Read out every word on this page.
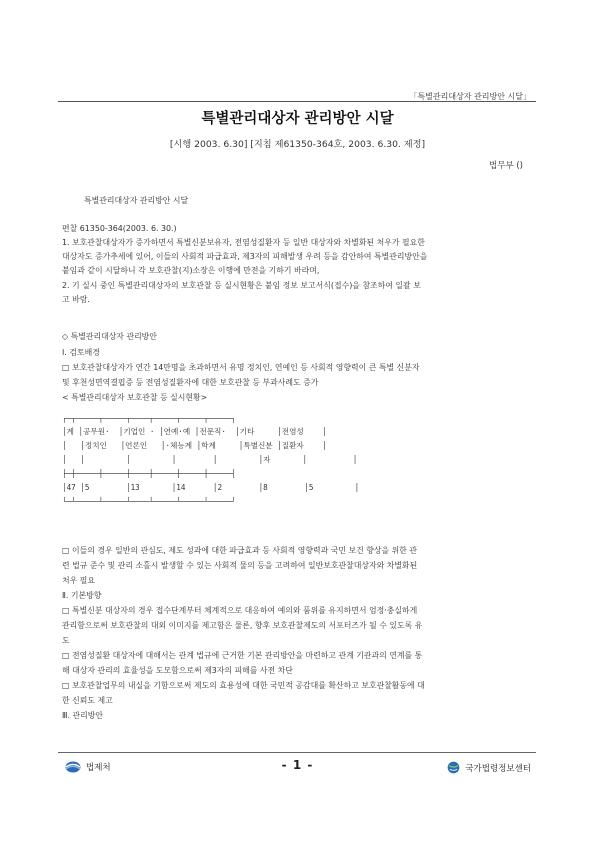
「특별관리대상자 관리방안 시달」
특별관리대상자 관리방안 시달
[시행 2003. 6.30] [지침 제61350-364호, 2003. 6.30. 제정]
법무부 ()
특별관리대상자 관리방안 시달
편찰 61350-364(2003. 6. 30.)
1. 보호관찰대상자가 증가하면서 특별신분보유자, 전염성질환자 등 일반 대상자와 차별화된 처우가 필요한
대상자도 증가추세에 있어, 이들의 사회적 파급효과, 제3자의 피해발생 우려 등을 감안하여 특별관리방안을
붙임과 같이 시달하니 각 보호관찰(지)소장은 이행에 만전을 기하기 바라며,
2. 기 실시 중인 특별관리대상자의 보호관찰 등 실시현황은 붙임 정보 보고서식(접수)을 참조하여 일괄 보
고 바람.
◇ 특별관리대상자 관리방안
Ⅰ. 검토배경
□ 보호관찰대상자가 연간 14만명을 초과하면서 유명 정치인, 연예인 등 사회적 영향력이 큰 특별 신분자
및 후천성면역결핍증 등 전염성질환자에 대한 보호관찰 등 부과사례도 증가
< 특별관리대상자 보호관찰 등 실시현황>
┌─┬─────┬─────┬────┬─────┬─────┬─────┐
│계 │공무원·  │기업인 · │연예·예 │전문직·  │기타     │전염성    │
│   │정치인   │언론인   │·체능계 │학계     │특별신분 │질환자    │
│   │         │         │        │         │자       │          │
├─┼─────┼─────┼────┼─────┼─────┼─────┤
│47 │5        │13       │14      │2        │8        │5         │
└─┴─────┴─────┴────┴─────┴─────┴─────┘
□ 이들의 경우 일반의 관심도, 제도 성과에 대한 파급효과 등 사회적 영향력과 국민 보건 향상을 위한 관
련 법규 준수 및 관리 소홀시 발생할 수 있는 사회적 물의 등을 고려하여 일반보호관찰대상자와 차별화된
처우 필요
Ⅱ. 기본방향
□ 특별신분 대상자의 경우 접수단계부터 체계적으로 대응하여 예의와 품위를 유지하면서 엄정·충실하게
관리함으로써 보호관찰의 대외 이미지를 제고함은 물론, 향후 보호관찰제도의 서포터즈가 될 수 있도록 유
도
□ 전염성질환 대상자에 대해서는 관계 법규에 근거한 기본 관리방안을 마련하고 관계 기관과의 연계를 통
해 대상자 관리의 효율성을 도모함으로써 제3자의 피해를 사전 차단
□ 보호관찰업무의 내실을 기함으로써 제도의 효용성에 대한 국민적 공감대를 확산하고 보호관찰활동에 대
한 신뢰도 제고
Ⅲ. 관리방안
법제처	- 1 -	국가법령정보센터
